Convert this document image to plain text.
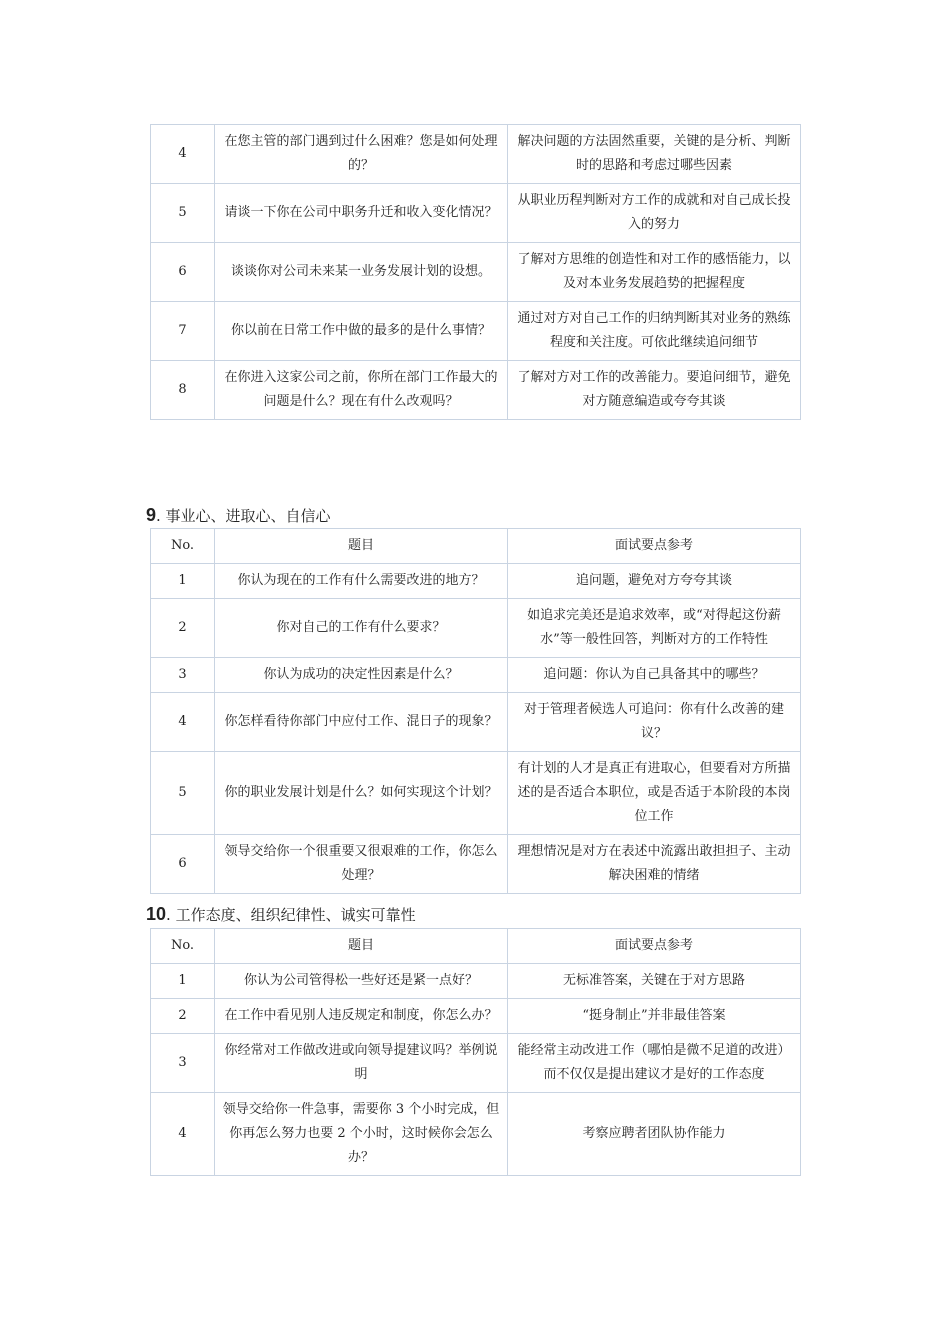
4	在您主管的部门遇到过什么困难？您是如何处理的？	解决问题的方法固然重要，关键的是分析、判断时的思路和考虑过哪些因素
5	请谈一下你在公司中职务升迁和收入变化情况？	从职业历程判断对方工作的成就和对自己成长投入的努力
6	谈谈你对公司未来某一业务发展计划的设想。	了解对方思维的创造性和对工作的感悟能力，以及对本业务发展趋势的把握程度
7	你以前在日常工作中做的最多的是什么事情？	通过对方对自己工作的归纳判断其对业务的熟练程度和关注度。可依此继续追问细节
8	在你进入这家公司之前，你所在部门工作最大的问题是什么？现在有什么改观吗？	了解对方对工作的改善能力。要追问细节，避免对方随意编造或夸夸其谈
9. 事业心、进取心、自信心
No.	题目	面试要点参考
1	你认为现在的工作有什么需要改进的地方？	追问题，避免对方夸夸其谈
2	你对自己的工作有什么要求？	如追求完美还是追求效率，或“对得起这份薪水”等一般性回答，判断对方的工作特性
3	你认为成功的决定性因素是什么？	追问题：你认为自己具备其中的哪些？
4	你怎样看待你部门中应付工作、混日子的现象？	对于管理者候选人可追问：你有什么改善的建议？
5	你的职业发展计划是什么？如何实现这个计划？	有计划的人才是真正有进取心，但要看对方所描述的是否适合本职位，或是否适于本阶段的本岗位工作
6	领导交给你一个很重要又很艰难的工作，你怎么处理？	理想情况是对方在表述中流露出敢担担子、主动解决困难的情绪
10. 工作态度、组织纪律性、诚实可靠性
No.	题目	面试要点参考
1	你认为公司管得松一些好还是紧一点好？	无标准答案，关键在于对方思路
2	在工作中看见别人违反规定和制度，你怎么办？	“挺身制止”并非最佳答案
3	你经常对工作做改进或向领导提建议吗？举例说明	能经常主动改进工作（哪怕是微不足道的改进）而不仅仅是提出建议才是好的工作态度
4	领导交给你一件急事，需要你 3 个小时完成，但你再怎么努力也要 2 个小时，这时候你会怎么办？	考察应聘者团队协作能力
